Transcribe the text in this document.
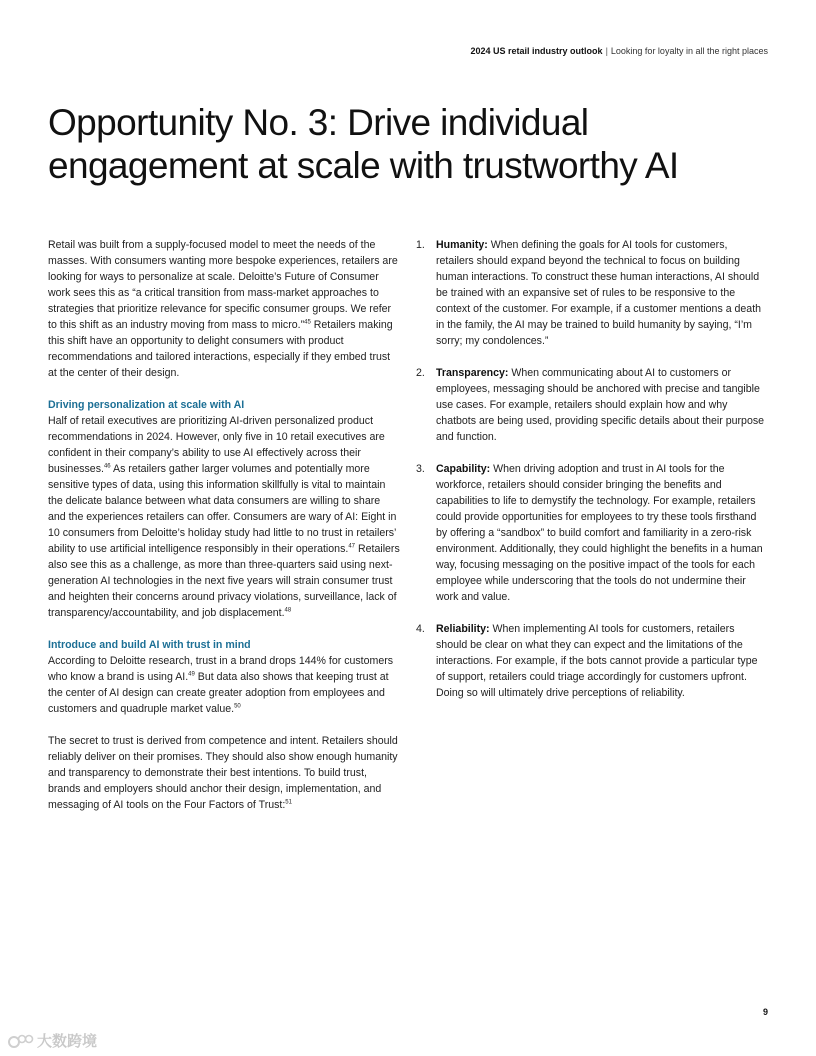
2024 US retail industry outlook | Looking for loyalty in all the right places
Opportunity No. 3: Drive individual
engagement at scale with trustworthy AI

Retail was built from a supply-focused model to meet the needs of the masses. With consumers wanting more bespoke experiences, retailers are looking for ways to personalize at scale. Deloitte’s Future of Consumer work sees this as “a critical transition from mass-market approaches to strategies that prioritize relevance for specific consumer groups. We refer to this shift as an industry moving from mass to micro.”$^{45}$ Retailers making this shift have an opportunity to delight consumers with product recommendations and tailored interactions, especially if they embed trust at the center of their design.

Driving personalization at scale with AI

Half of retail executives are prioritizing AI-driven personalized product recommendations in 2024. However, only five in 10 retail executives are confident in their company’s ability to use AI effectively across their businesses.$^{46}$ As retailers gather larger volumes and potentially more sensitive types of data, using this information skillfully is vital to maintain the delicate balance between what data consumers are willing to share and the experiences retailers can offer. Consumers are wary of AI: Eight in 10 consumers from Deloitte’s holiday study had little to no trust in retailers’ ability to use artificial intelligence responsibly in their operations.$^{47}$ Retailers also see this as a challenge, as more than three-quarters said using next-generation AI technologies in the next five years will strain consumer trust and heighten their concerns around privacy violations, surveillance, lack of transparency/accountability, and job displacement.$^{48}$

Introduce and build AI with trust in mind

According to Deloitte research, trust in a brand drops 144% for customers who know a brand is using AI.$^{49}$ But data also shows that keeping trust at the center of AI design can create greater adoption from employees and customers and quadruple market value.$^{50}$

The secret to trust is derived from competence and intent. Retailers should reliably deliver on their promises. They should also show enough humanity and transparency to demonstrate their best intentions. To build trust, brands and employers should anchor their design, implementation, and messaging of AI tools on the Four Factors of Trust:$^{51}$

1.	Humanity: When defining the goals for AI tools for customers, retailers should expand beyond the technical to focus on building human interactions. To construct these human interactions, AI should be trained with an expansive set of rules to be responsive to the context of the customer. For example, if a customer mentions a death in the family, the AI may be trained to build humanity by saying, “I’m sorry; my condolences.”

2.	Transparency: When communicating about AI to customers or employees, messaging should be anchored with precise and tangible use cases. For example, retailers should explain how and why chatbots are being used, providing specific details about their purpose and function.

3.	Capability: When driving adoption and trust in AI tools for the workforce, retailers should consider bringing the benefits and capabilities to life to demystify the technology. For example, retailers could provide opportunities for employees to try these tools firsthand by offering a “sandbox” to build comfort and familiarity in a zero-risk environment. Additionally, they could highlight the benefits in a human way, focusing messaging on the positive impact of the tools for each employee while underscoring that the tools do not undermine their work and value.

4.	Reliability: When implementing AI tools for customers, retailers should be clear on what they can expect and the limitations of the interactions. For example, if the bots cannot provide a particular type of support, retailers could triage accordingly for customers upfront. Doing so will ultimately drive perceptions of reliability.

9
大数跨境
